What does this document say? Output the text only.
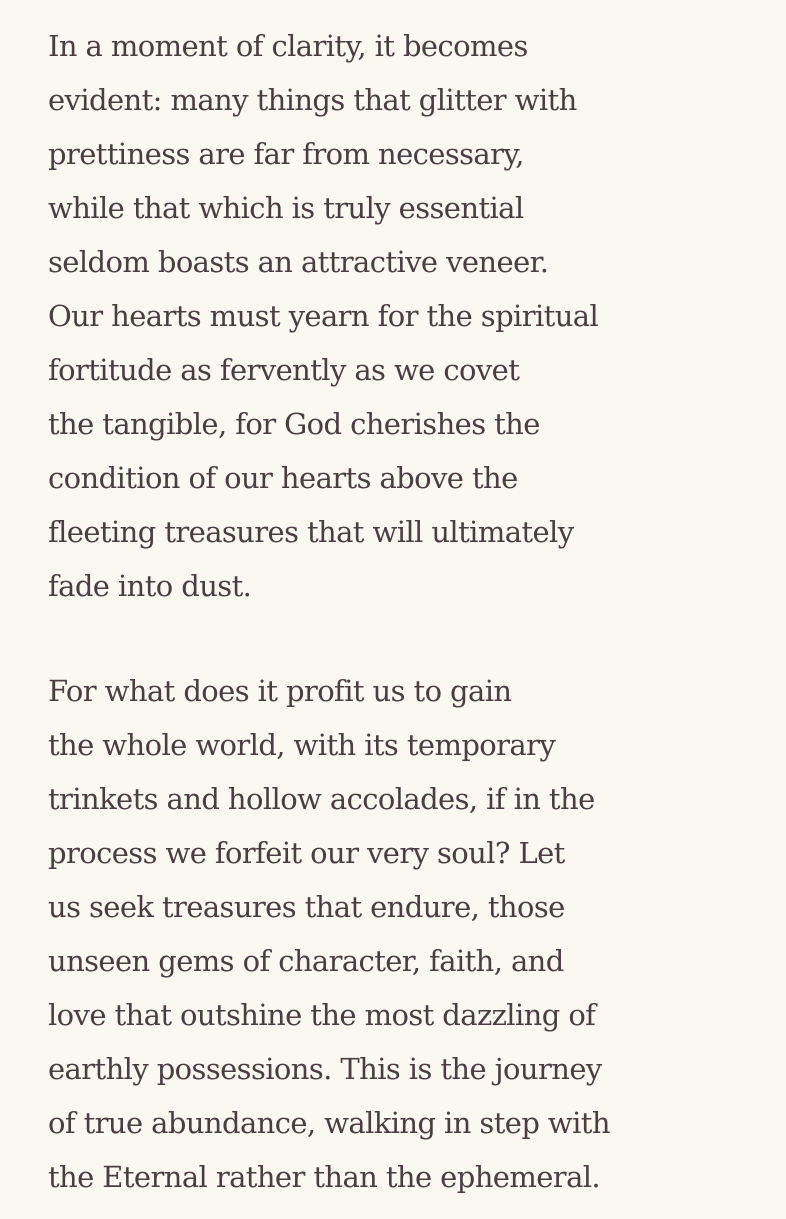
In a moment of clarity, it becomes
evident: many things that glitter with
prettiness are far from necessary,
while that which is truly essential
seldom boasts an attractive veneer.
Our hearts must yearn for the spiritual
fortitude as fervently as we covet
the tangible, for God cherishes the
condition of our hearts above the
fleeting treasures that will ultimately
fade into dust.
For what does it profit us to gain
the whole world, with its temporary
trinkets and hollow accolades, if in the
process we forfeit our very soul? Let
us seek treasures that endure, those
unseen gems of character, faith, and
love that outshine the most dazzling of
earthly possessions. This is the journey
of true abundance, walking in step with
the Eternal rather than the ephemeral.
